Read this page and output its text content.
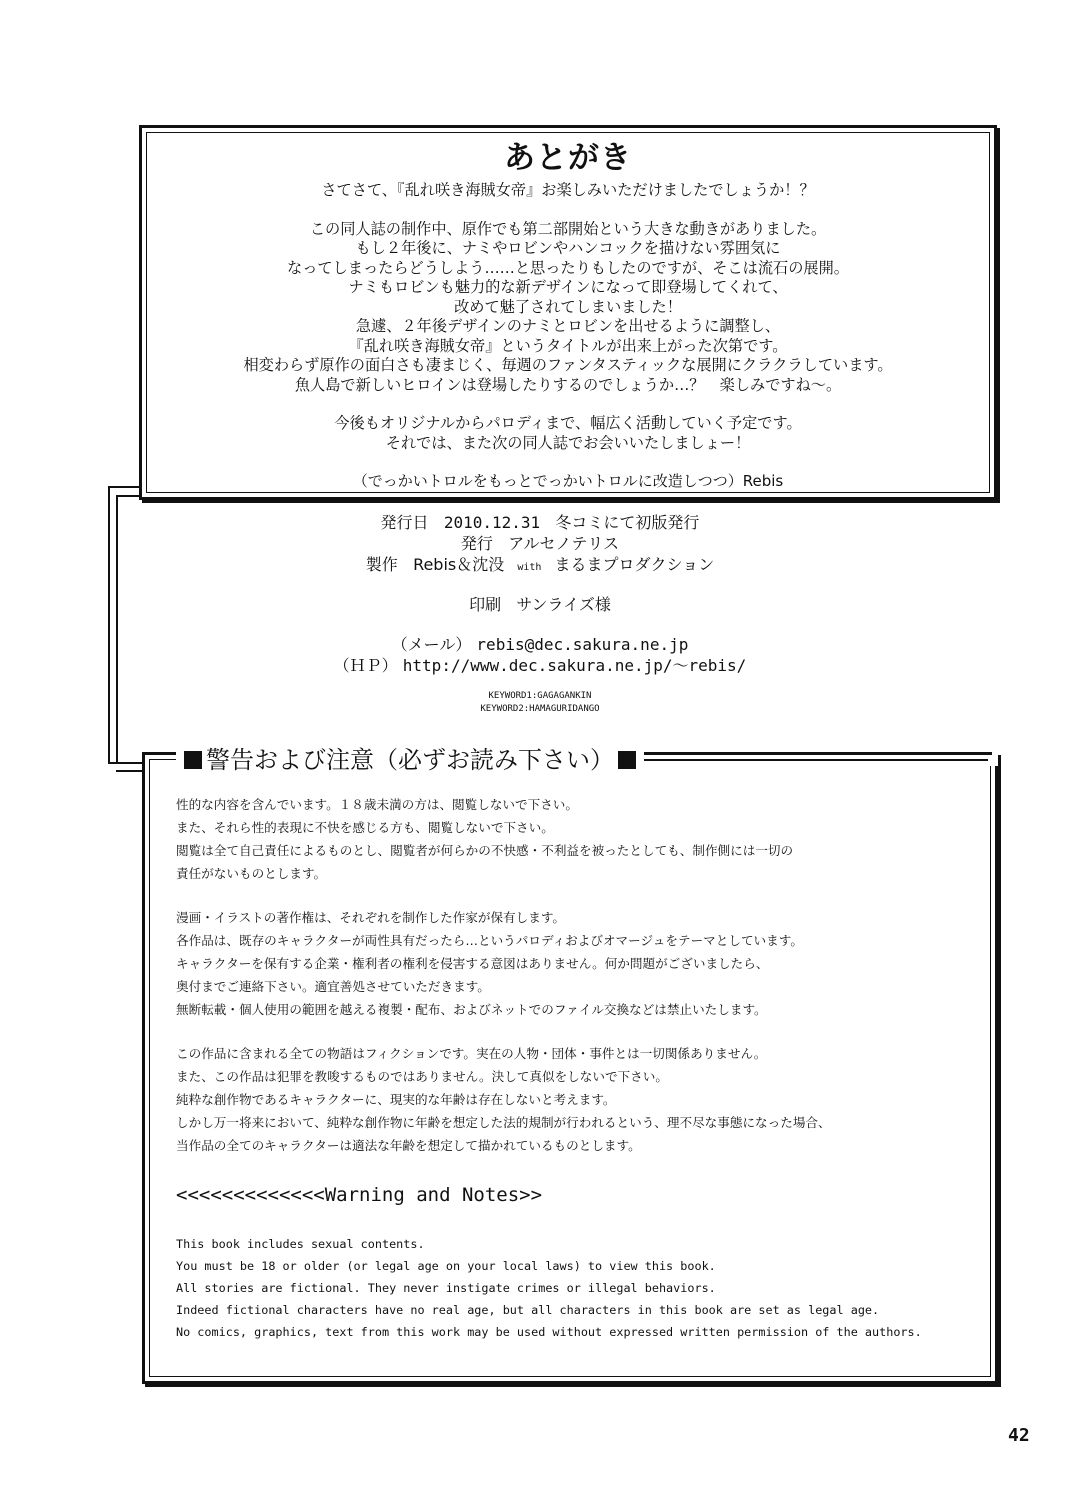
あとがき
さてさて、『乱れ咲き海賊女帝』お楽しみいただけましたでしょうか！？
この同人誌の制作中、原作でも第二部開始という大きな動きがありました。
もし２年後に、ナミやロビンやハンコックを描けない雰囲気に
なってしまったらどうしよう……と思ったりもしたのですが、そこは流石の展開。
ナミもロビンも魅力的な新デザインになって即登場してくれて、
改めて魅了されてしまいました！
急遽、２年後デザインのナミとロビンを出せるように調整し、
『乱れ咲き海賊女帝』というタイトルが出来上がった次第です。
相変わらず原作の面白さも凄まじく、毎週のファンタスティックな展開にクラクラしています。
魚人島で新しいヒロインは登場したりするのでしょうか…？　楽しみですね～。
今後もオリジナルからパロディまで、幅広く活動していく予定です。
それでは、また次の同人誌でお会いいたしましょー！
（でっかいトロルをもっとでっかいトロルに改造しつつ）Rebis
発行日 2010.12.31 冬コミにて初版発行
発行 アルセノテリス
製作 Rebis＆沈没 with まるまプロダクション
印刷 サンライズ様
（メール） rebis@dec.sakura.ne.jp
（ＨＰ） http://www.dec.sakura.ne.jp/～rebis/
KEYWORD1:GAGAGANKIN
KEYWORD2:HAMAGURIDANGO
警告および注意（必ずお読み下さい）
性的な内容を含んでいます。１８歳未満の方は、閲覧しないで下さい。
また、それら性的表現に不快を感じる方も、閲覧しないで下さい。
閲覧は全て自己責任によるものとし、閲覧者が何らかの不快感・不利益を被ったとしても、制作側には一切の
責任がないものとします。
漫画・イラストの著作権は、それぞれを制作した作家が保有します。
各作品は、既存のキャラクターが両性具有だったら…というパロディおよびオマージュをテーマとしています。
キャラクターを保有する企業・権利者の権利を侵害する意図はありません。何か問題がございましたら、
奥付までご連絡下さい。適宜善処させていただきます。
無断転載・個人使用の範囲を越える複製・配布、およびネットでのファイル交換などは禁止いたします。
この作品に含まれる全ての物語はフィクションです。実在の人物・団体・事件とは一切関係ありません。
また、この作品は犯罪を教唆するものではありません。決して真似をしないで下さい。
純粋な創作物であるキャラクターに、現実的な年齢は存在しないと考えます。
しかし万一将来において、純粋な創作物に年齢を想定した法的規制が行われるという、理不尽な事態になった場合、
当作品の全てのキャラクターは適法な年齢を想定して描かれているものとします。
<<<<<<<<<<<<<Warning and Notes>>
This book includes sexual contents.
You must be 18 or older (or legal age on your local laws) to view this book.
All stories are fictional. They never instigate crimes or illegal behaviors.
Indeed fictional characters have no real age, but all characters in this book are set as legal age.
No comics, graphics, text from this work may be used without expressed written permission of the authors.
42
